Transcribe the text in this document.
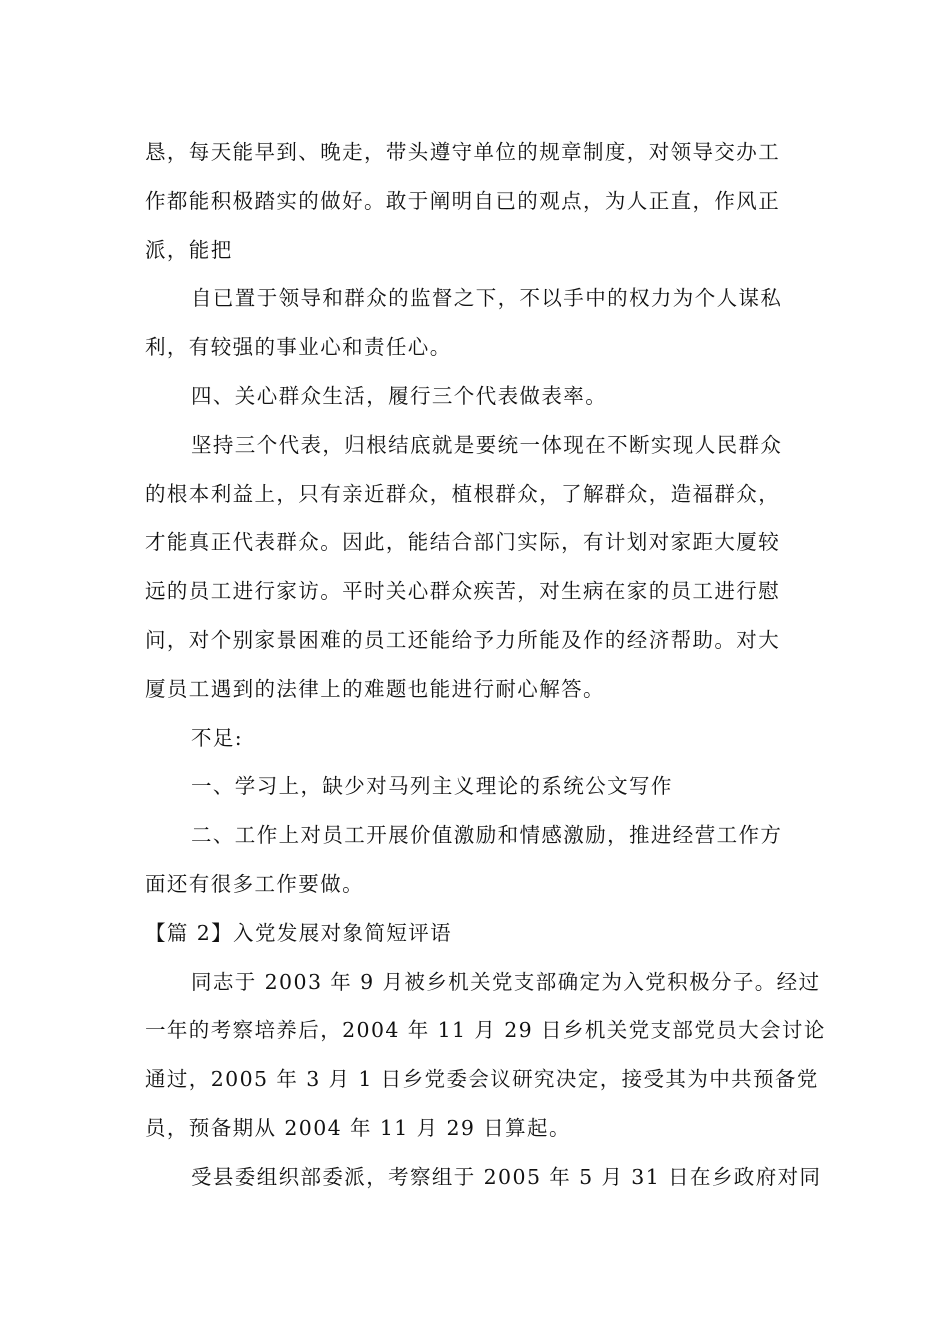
恳，每天能早到、晚走，带头遵守单位的规章制度，对领导交办工
作都能积极踏实的做好。敢于阐明自已的观点，为人正直，作风正
派，能把
自已置于领导和群众的监督之下，不以手中的权力为个人谋私
利，有较强的事业心和责任心。
四、关心群众生活，履行三个代表做表率。
坚持三个代表，归根结底就是要统一体现在不断实现人民群众
的根本利益上，只有亲近群众，植根群众，了解群众，造福群众，
才能真正代表群众。因此，能结合部门实际，有计划对家距大厦较
远的员工进行家访。平时关心群众疾苦，对生病在家的员工进行慰
问，对个别家景困难的员工还能给予力所能及作的经济帮助。对大
厦员工遇到的法律上的难题也能进行耐心解答。
不足:
一、学习上，缺少对马列主义理论的系统公文写作
二、工作上对员工开展价值激励和情感激励，推进经营工作方
面还有很多工作要做。
【篇 2】入党发展对象简短评语
同志于 2003 年 9 月被乡机关党支部确定为入党积极分子。经过
一年的考察培养后，2004 年 11 月 29 日乡机关党支部党员大会讨论
通过，2005 年 3 月 1 日乡党委会议研究决定，接受其为中共预备党
员，预备期从 2004 年 11 月 29 日算起。
受县委组织部委派，考察组于 2005 年 5 月 31 日在乡政府对同
